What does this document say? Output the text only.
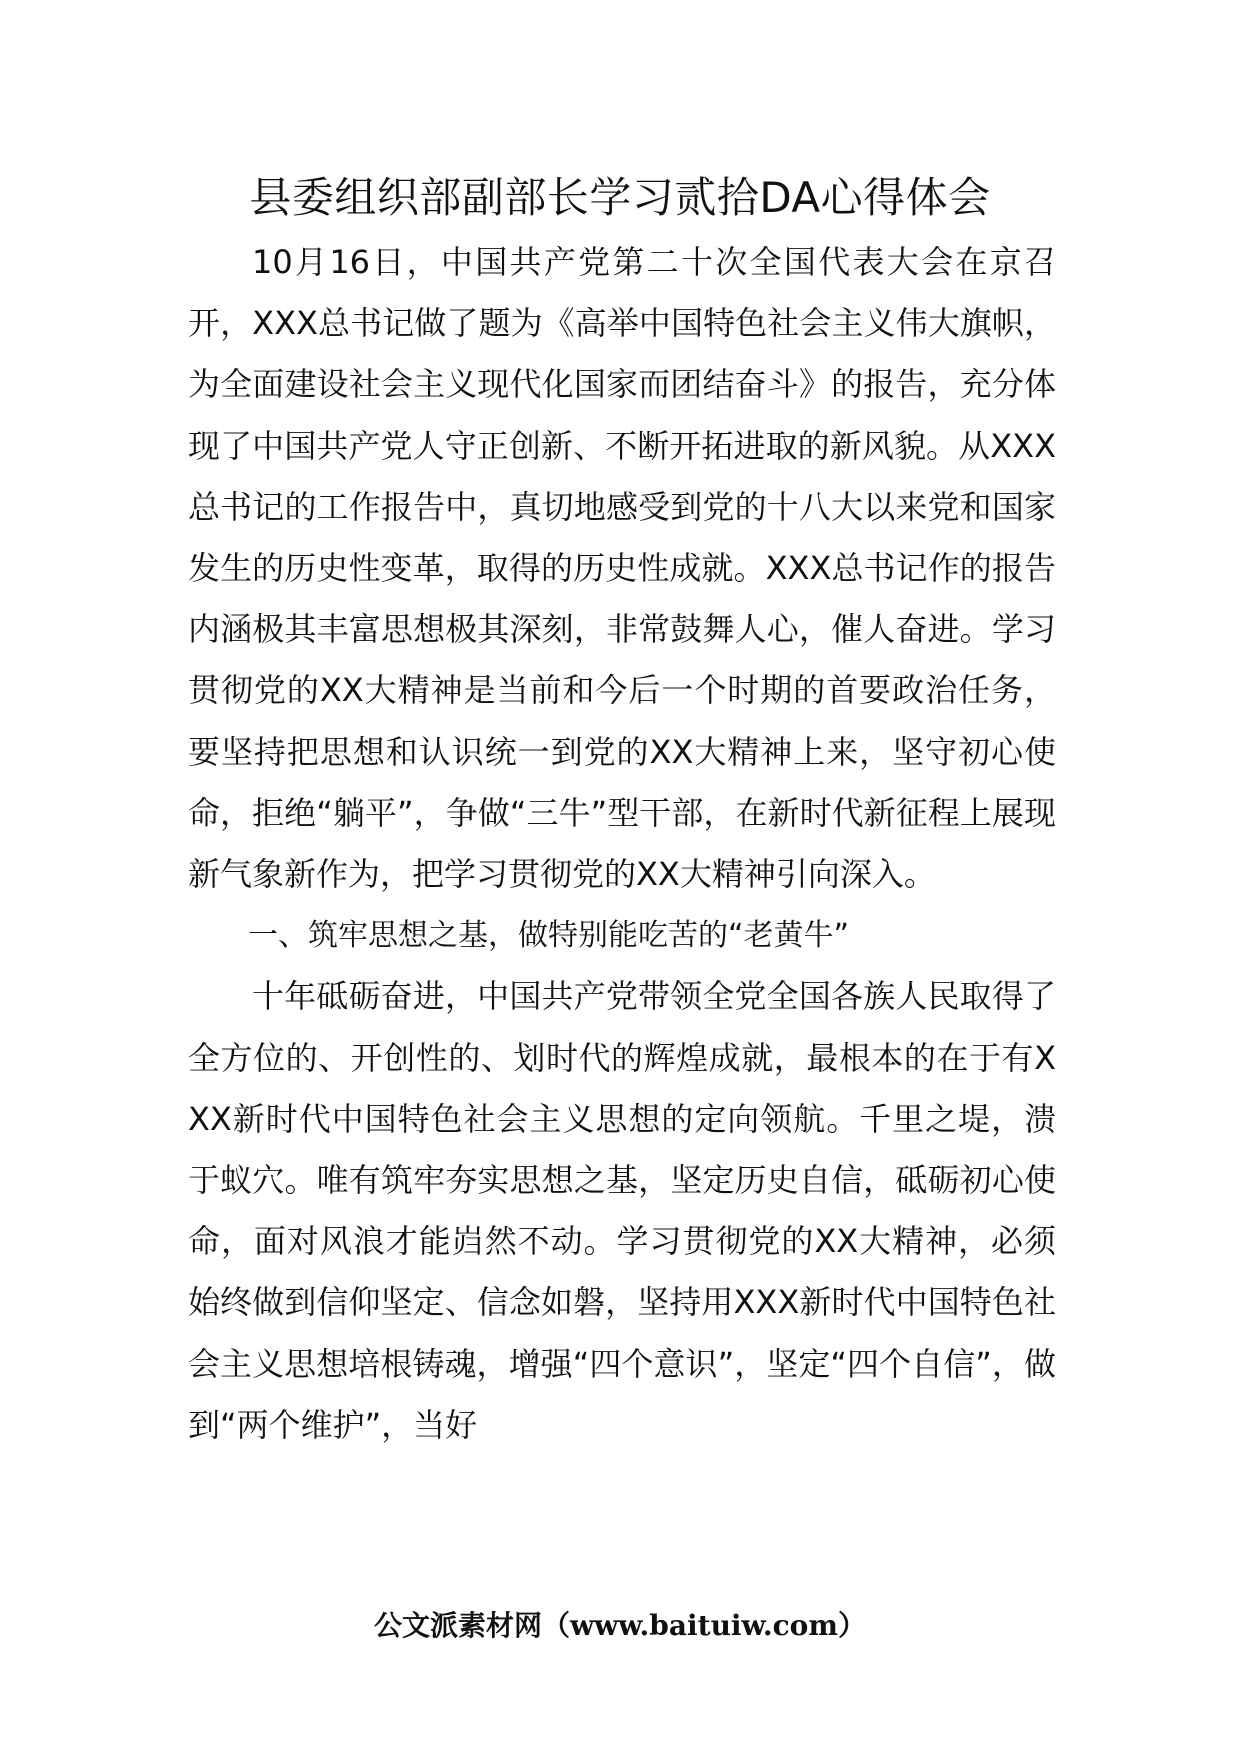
县委组织部副部长学习贰拾DA心得体会

10月16日，中国共产党第二十次全国代表大会在京召开，XXX总书记做了题为《高举中国特色社会主义伟大旗帜，为全面建设社会主义现代化国家而团结奋斗》的报告，充分体现了中国共产党人守正创新、不断开拓进取的新风貌。从XXX总书记的工作报告中，真切地感受到党的十八大以来党和国家发生的历史性变革，取得的历史性成就。XXX总书记作的报告内涵极其丰富思想极其深刻，非常鼓舞人心，催人奋进。学习贯彻党的XX大精神是当前和今后一个时期的首要政治任务，要坚持把思想和认识统一到党的XX大精神上来，坚守初心使命，拒绝“躺平”，争做“三牛”型干部，在新时代新征程上展现新气象新作为，把学习贯彻党的XX大精神引向深入。

一、筑牢思想之基，做特别能吃苦的“老黄牛”

十年砥砺奋进，中国共产党带领全党全国各族人民取得了全方位的、开创性的、划时代的辉煌成就，最根本的在于有XXX新时代中国特色社会主义思想的定向领航。千里之堤，溃于蚁穴。唯有筑牢夯实思想之基，坚定历史自信，砥砺初心使命，面对风浪才能岿然不动。学习贯彻党的XX大精神，必须始终做到信仰坚定、信念如磐，坚持用XXX新时代中国特色社会主义思想培根铸魂，增强“四个意识”，坚定“四个自信”，做到“两个维护”，当好

公文派素材网（www.baituiw.com）
